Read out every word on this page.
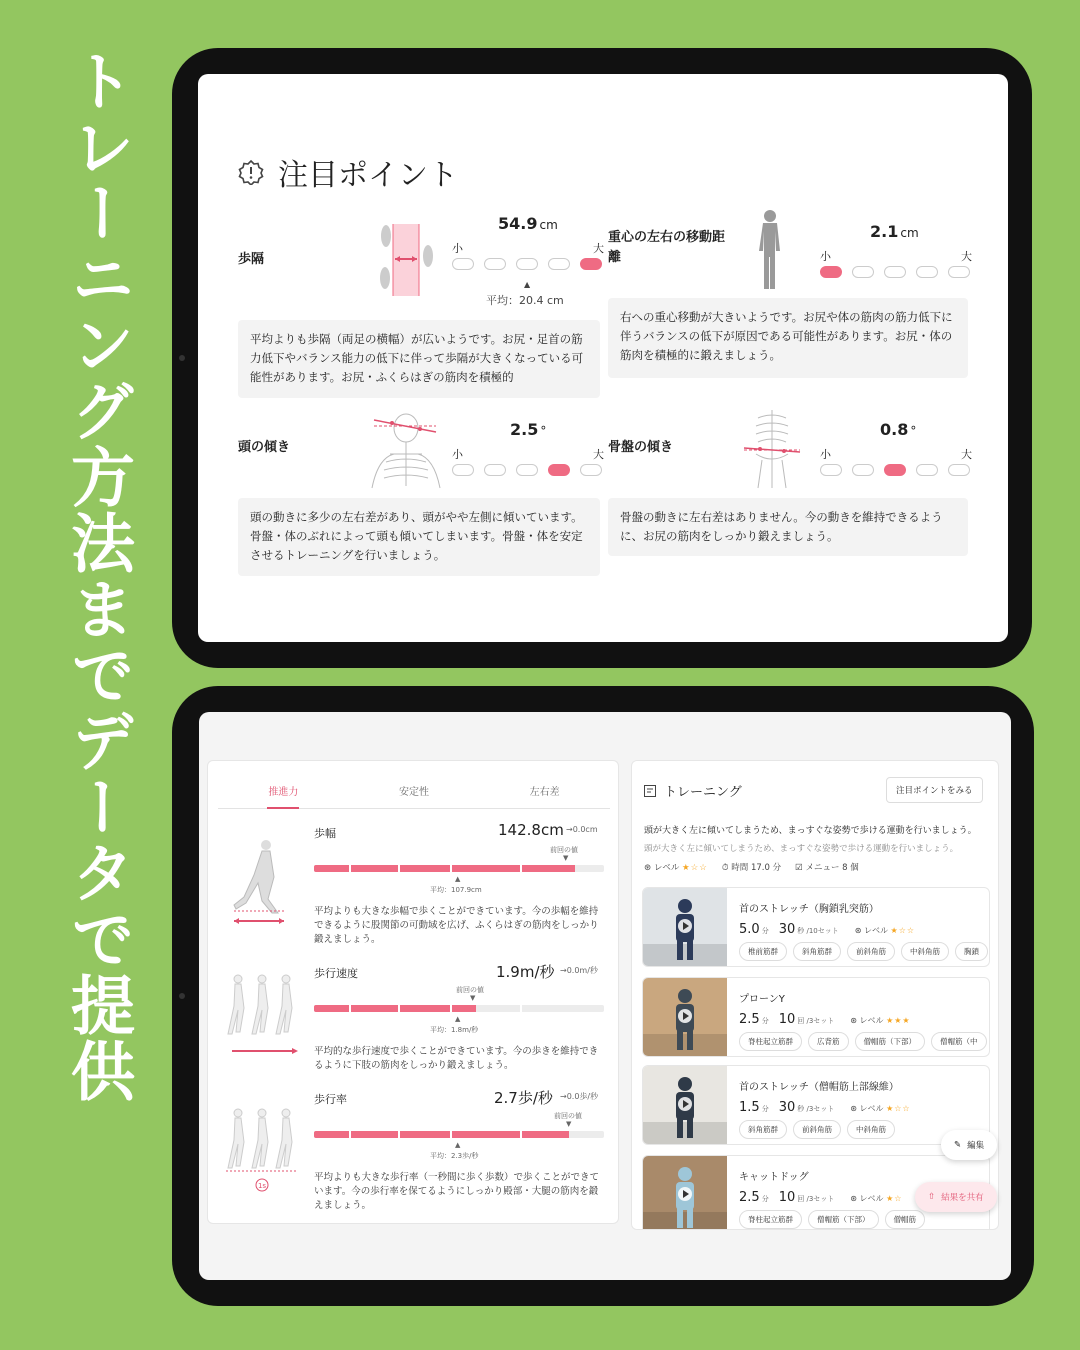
トレーニング方法までデータで提供	注目ポイント
歩隔
54.9 cm
小	大
▲
平均：20.4 cm
平均よりも歩隔（両足の横幅）が広いようです。お尻・足首の筋力低下やバランス能力の低下に伴って歩隔が大きくなっている可能性があります。お尻・ふくらはぎの筋肉を積極的
重心の左右の移動距離
2.1 cm
小	大
右への重心移動が大きいようです。お尻や体の筋肉の筋力低下に伴うバランスの低下が原因である可能性があります。お尻・体の筋肉を積極的に鍛えましょう。
頭の傾き
2.5 °
小	大
頭の動きに多少の左右差があり、頭がやや左側に傾いています。骨盤・体のぶれによって頭も傾いてしまいます。骨盤・体を安定させるトレーニングを行いましょう。
骨盤の傾き
0.8 °
小	大
骨盤の動きに左右差はありません。今の動きを維持できるように、お尻の筋肉をしっかり鍛えましょう。
推進力	安定性	左右差
歩幅	142.8cm →0.0cm
前回の値
▼
▲
平均：107.9cm
平均よりも大きな歩幅で歩くことができています。今の歩幅を維持できるように股関節の可動域を広げ、ふくらはぎの筋肉をしっかり鍛えましょう。
歩行速度	1.9m/秒 →0.0m/秒
前回の値
▼
▲
平均：1.8m/秒
平均的な歩行速度で歩くことができています。今の歩きを維持できるように下肢の筋肉をしっかり鍛えましょう。
1s
歩行率	2.7歩/秒 →0.0歩/秒
前回の値
▼
▲
平均：2.3歩/秒
平均よりも大きな歩行率（一秒間に歩く歩数）で歩くことができています。今の歩行率を保てるようにしっかり殿部・大腿の筋肉を鍛えましょう。
トレーニング	注目ポイントをみる
頭が大きく左に傾いてしまうため、まっすぐな姿勢で歩ける運動を行いましょう。
頭が大きく左に傾いてしまうため、まっすぐな姿勢で歩ける運動を行いましょう。
⊛ レベル ★☆☆ ⏱ 時間 17.0 分 ☑ メニュー 8 個
首のストレッチ（胸鎖乳突筋）
5.0 分 30 秒 /10セット ⊛ レベル ★☆☆
椎前筋群	斜角筋群	前斜角筋	中斜角筋	胸鎖
プローンY
2.5 分 10 回 /3セット ⊛ レベル ★★★
脊柱起立筋群	広背筋	僧帽筋（下部）	僧帽筋（中
首のストレッチ（僧帽筋上部線維）
1.5 分 30 秒 /3セット ⊛ レベル ★☆☆
斜角筋群	前斜角筋	中斜角筋
キャットドッグ
2.5 分 10 回 /3セット ⊛ レベル ★☆
脊柱起立筋群	僧帽筋（下部）	僧帽筋
✎ 編集
⇧ 結果を共有
